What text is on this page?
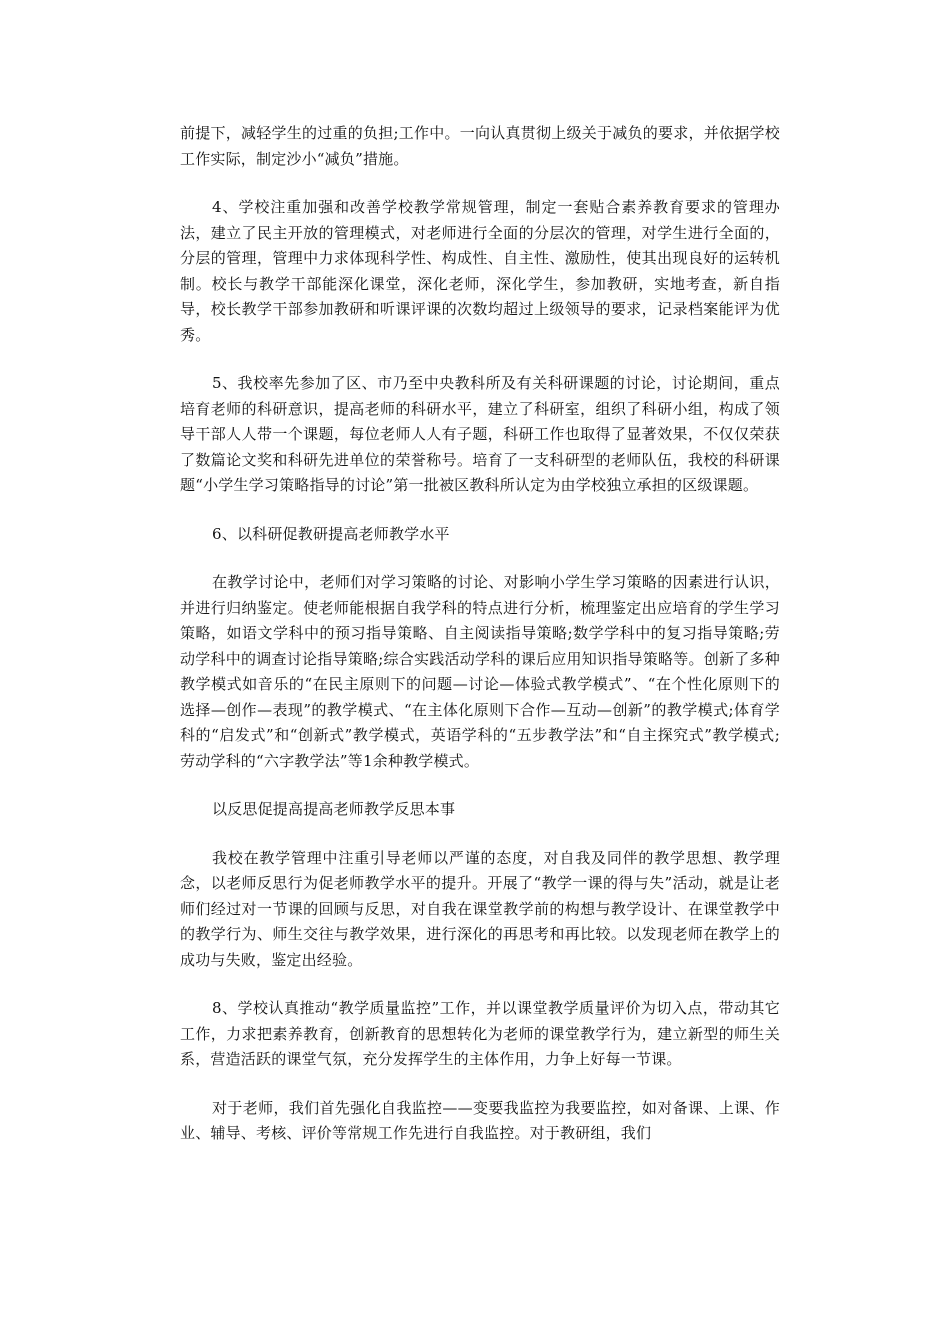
前提下，减轻学生的过重的负担;工作中。一向认真贯彻上级关于减负的要求，并依据学校工作实际，制定沙小“减负”措施。

4、学校注重加强和改善学校教学常规管理，制定一套贴合素养教育要求的管理办法，建立了民主开放的管理模式，对老师进行全面的分层次的管理，对学生进行全面的，分层的管理，管理中力求体现科学性、构成性、自主性、激励性，使其出现良好的运转机制。校长与教学干部能深化课堂，深化老师，深化学生，参加教研，实地考查，新自指导，校长教学干部参加教研和听课评课的次数均超过上级领导的要求，记录档案能评为优秀。

5、我校率先参加了区、市乃至中央教科所及有关科研课题的讨论，讨论期间，重点培育老师的科研意识，提高老师的科研水平，建立了科研室，组织了科研小组，构成了领导干部人人带一个课题，每位老师人人有子题，科研工作也取得了显著效果，不仅仅荣获了数篇论文奖和科研先进单位的荣誉称号。培育了一支科研型的老师队伍，我校的科研课题“小学生学习策略指导的讨论”第一批被区教科所认定为由学校独立承担的区级课题。

6、以科研促教研提高老师教学水平

在教学讨论中，老师们对学习策略的讨论、对影响小学生学习策略的因素进行认识，并进行归纳鉴定。使老师能根据自我学科的特点进行分析，梳理鉴定出应培育的学生学习策略，如语文学科中的预习指导策略、自主阅读指导策略;数学学科中的复习指导策略;劳动学科中的调查讨论指导策略;综合实践活动学科的课后应用知识指导策略等。创新了多种教学模式如音乐的“在民主原则下的问题—讨论—体验式教学模式”、“在个性化原则下的选择—创作—表现”的教学模式、“在主体化原则下合作—互动—创新”的教学模式;体育学科的“启发式”和“创新式”教学模式，英语学科的“五步教学法”和“自主探究式”教学模式;劳动学科的“六字教学法”等1余种教学模式。

以反思促提高提高老师教学反思本事

我校在教学管理中注重引导老师以严谨的态度，对自我及同伴的教学思想、教学理念，以老师反思行为促老师教学水平的提升。开展了“教学一课的得与失”活动，就是让老师们经过对一节课的回顾与反思，对自我在课堂教学前的构想与教学设计、在课堂教学中的教学行为、师生交往与教学效果，进行深化的再思考和再比较。以发现老师在教学上的成功与失败，鉴定出经验。

8、学校认真推动“教学质量监控”工作，并以课堂教学质量评价为切入点，带动其它工作，力求把素养教育，创新教育的思想转化为老师的课堂教学行为，建立新型的师生关系，营造活跃的课堂气氛，充分发挥学生的主体作用，力争上好每一节课。

对于老师，我们首先强化自我监控——变要我监控为我要监控，如对备课、上课、作业、辅导、考核、评价等常规工作先进行自我监控。对于教研组，我们
